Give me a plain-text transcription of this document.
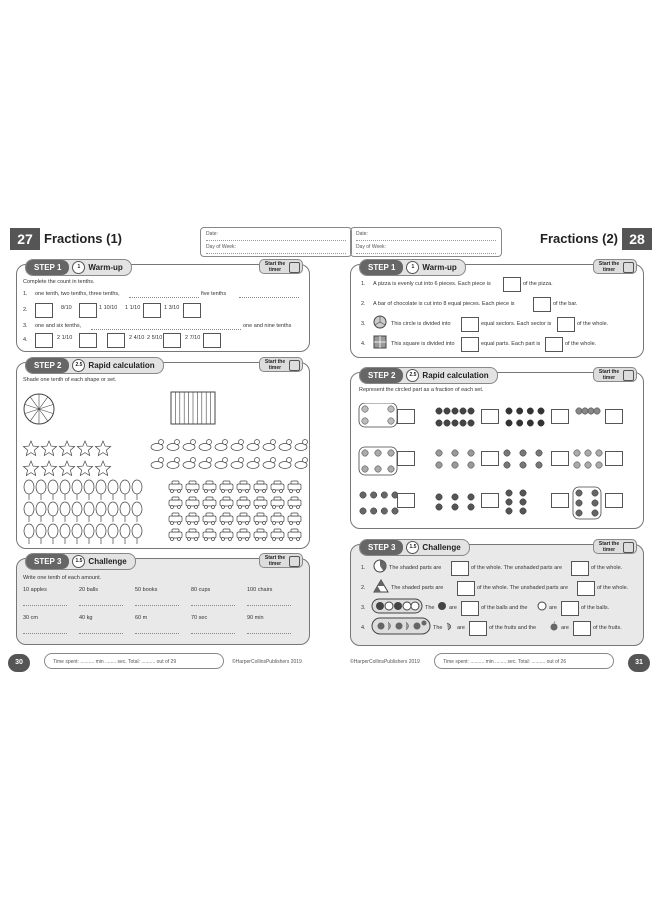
27 Fractions (1)	Date:
Day of Week:
STEP 1	1	Warm-up	Start the timer
Complete the count in tenths.
1. one tenth, two tenths, three tenths,	five tenths
2.	8/10	1 10/10 1 1/10	1 3/10
3. one and six tenths,	one and nine tenths
4.	2 1/10	2 4/10 2 5/10	2 7/10
STEP 2	2.5 Rapid calculation	Start the timer
Shade one tenth of each shape or set.
STEP 3	1.5 Challenge	Start the timer
Write one tenth of each amount.
10 apples	20 balls	50 books	80 cups	100 chairs
30 cm	40 kg	60 m	70 sec	90 min
30	Time spent: .......... min ........ sec. Total: .......... out of 29	©HarperCollinsPublishers 2019
Date:
Day of Week:
Fractions (2) 28
STEP 1	1	Warm-up	Start the timer
1. A pizza is evenly cut into 6 pieces. Each piece is	of the pizza.
2. A bar of chocolate is cut into 8 equal pieces. Each piece is	of the bar.
3.	This circle is divided into	equal sectors. Each sector is	of the whole.
4.	This square is divided into	equal parts. Each part is	of the whole.
STEP 2	2.5 Rapid calculation	Start the timer
Represent the circled part as a fraction of each set.
STEP 3	1.5 Challenge	Start the timer
1.	The shaded parts are	of the whole. The unshaded parts are	of the whole.
2.	The shaded parts are	of the whole. The unshaded parts are	of the whole.
3.	The	are	of the balls and the	are	of the balls.
4.	The	are	of the fruits and the	are	of the fruits.
©HarperCollinsPublishers 2019	Time spent: .......... min ........ sec. Total: .......... out of 26	31
